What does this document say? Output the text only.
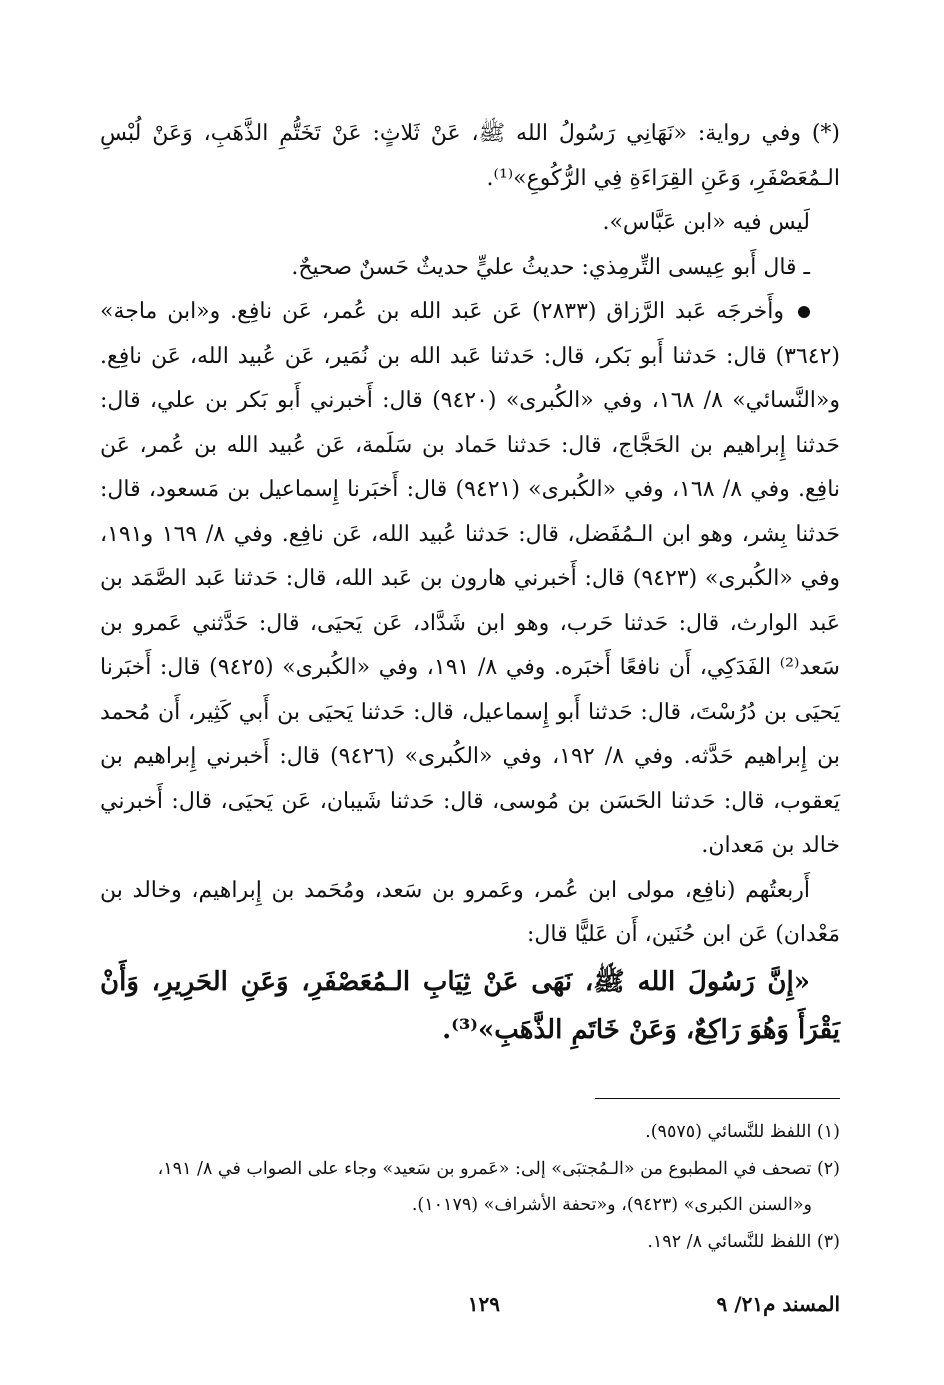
(*) وفي رواية: «نَهَانِي رَسُولُ الله ﷺ، عَنْ ثَلاثٍ: عَنْ تَخَتُّمِ الذَّهَبِ، وَعَنْ لُبْسِ الـمُعَصْفَرِ، وَعَنِ القِرَاءَةِ فِي الرُّكُوعِ»⁽¹⁾.

لَيس فيه «ابن عَبَّاس».

ـ قال أَبو عِيسى التِّرمِذي: حديثُ عليٍّ حديثٌ حَسنٌ صحيحٌ.

وأَخرجَه عَبد الرَّزاق (٢٨٣٣) عَن عَبد الله بن عُمر، عَن نافِع. و«ابن ماجة» (٣٦٤٢) قال: حَدثنا أَبو بَكر، قال: حَدثنا عَبد الله بن نُمَير، عَن عُبيد الله، عَن نافِع. و«النَّسائي» ٨/ ١٦٨، وفي «الكُبرى» (٩٤٢٠) قال: أَخبرني أَبو بَكر بن علي، قال: حَدثنا إِبراهيم بن الحَجَّاج، قال: حَدثنا حَماد بن سَلَمة، عَن عُبيد الله بن عُمر، عَن نافِع. وفي ٨/ ١٦٨، وفي «الكُبرى» (٩٤٢١) قال: أَخبَرنا إِسماعيل بن مَسعود، قال: حَدثنا بِشر، وهو ابن الـمُفَضل، قال: حَدثنا عُبيد الله، عَن نافِع. وفي ٨/ ١٦٩ و١٩١، وفي «الكُبرى» (٩٤٢٣) قال: أَخبرني هارون بن عَبد الله، قال: حَدثنا عَبد الصَّمَد بن عَبد الوارث، قال: حَدثنا حَرب، وهو ابن شَدَّاد، عَن يَحيَى، قال: حَدَّثني عَمرو بن سَعد⁽²⁾ الفَدَكِي، أَن نافعًا أَخبَره. وفي ٨/ ١٩١، وفي «الكُبرى» (٩٤٢٥) قال: أَخبَرنا يَحيَى بن دُرُسْتَ، قال: حَدثنا أَبو إِسماعيل، قال: حَدثنا يَحيَى بن أَبي كَثِير، أَن مُحمد بن إِبراهيم حَدَّثه. وفي ٨/ ١٩٢، وفي «الكُبرى» (٩٤٢٦) قال: أَخبرني إِبراهيم بن يَعقوب، قال: حَدثنا الحَسَن بن مُوسى، قال: حَدثنا شَيبان، عَن يَحيَى، قال: أَخبرني خالد بن مَعدان.

أَربعتُهم (نافِع، مولى ابن عُمر، وعَمرو بن سَعد، ومُحَمد بن إِبراهيم، وخالد بن مَعْدان) عَن ابن حُنَين، أَن عَليًّا قال:

«إِنَّ رَسُولَ الله ﷺ، نَهَى عَنْ ثِيَابِ الـمُعَصْفَرِ، وَعَنِ الحَرِيرِ، وَأَنْ يَقْرَأَ وَهُوَ رَاكِعٌ، وَعَنْ خَاتَمِ الذَّهَبِ»⁽³⁾.

(١) اللفظ للنَّسائي (٩٥٧٥).

(٢) تصحف في المطبوع من «الـمُجتبَى» إلى: «عَمرو بن سَعيد» وجاء على الصواب في ٨/ ١٩١،

و«السنن الكبرى» (٩٤٢٣)، و«تحفة الأشراف» (١٠١٧٩).

(٣) اللفظ للنَّسائي ٨/ ١٩٢.

المسند م٢١/ ٩
١٢٩
